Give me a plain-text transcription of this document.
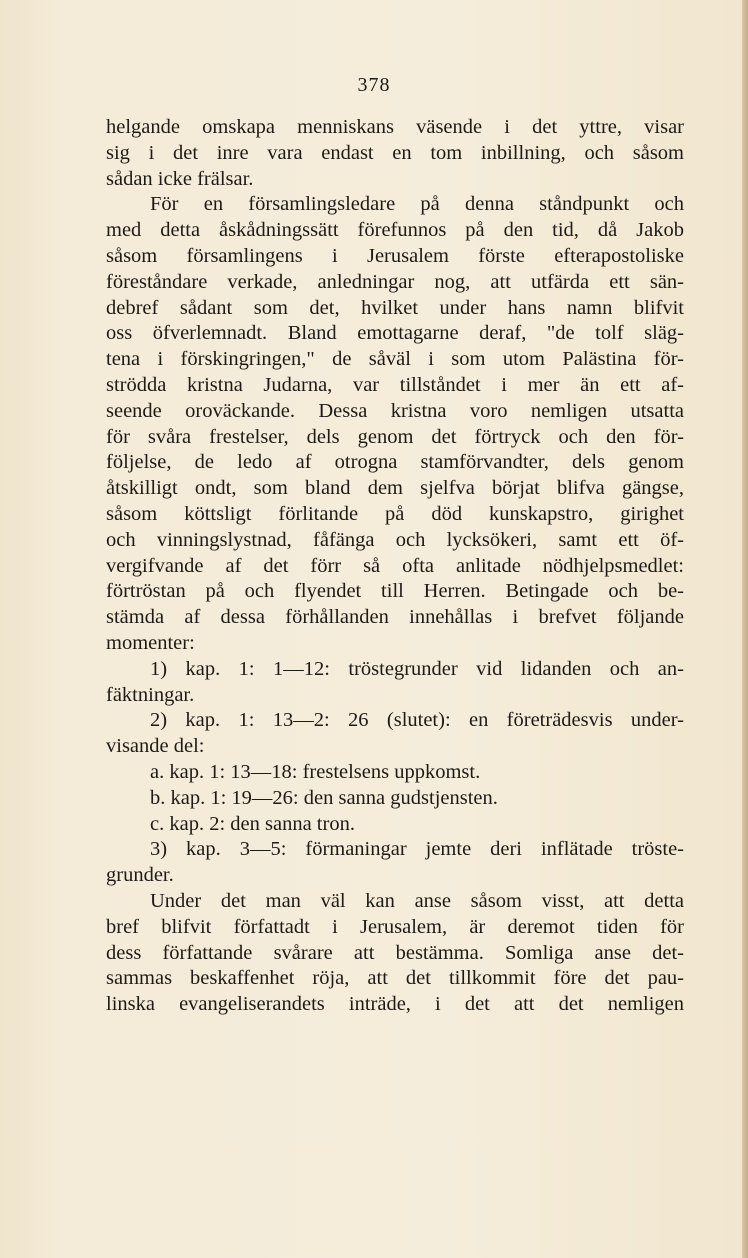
378
helgande omskapa menniskans väsende i det yttre, visar
sig i det inre vara endast en tom inbillning, och såsom
sådan icke frälsar.
För en församlingsledare på denna ståndpunkt och
med detta åskådningssätt förefunnos på den tid, då Jakob
såsom församlingens i Jerusalem förste efterapostoliske
föreståndare verkade, anledningar nog, att utfärda ett sän-
debref sådant som det, hvilket under hans namn blifvit
oss öfverlemnadt. Bland emottagarne deraf, "de tolf släg-
tena i förskingringen," de såväl i som utom Palästina för-
strödda kristna Judarna, var tillståndet i mer än ett af-
seende oroväckande. Dessa kristna voro nemligen utsatta
för svåra frestelser, dels genom det förtryck och den för-
följelse, de ledo af otrogna stamförvandter, dels genom
åtskilligt ondt, som bland dem sjelfva börjat blifva gängse,
såsom köttsligt förlitande på död kunskapstro, girighet
och vinningslystnad, fåfänga och lycksökeri, samt ett öf-
vergifvande af det förr så ofta anlitade nödhjelpsmedlet:
förtröstan på och flyendet till Herren. Betingade och be-
stämda af dessa förhållanden innehållas i brefvet följande
momenter:
1) kap. 1: 1—12: tröstegrunder vid lidanden och an-
fäktningar.
2) kap. 1: 13—2: 26 (slutet): en företrädesvis under-
visande del:
a. kap. 1: 13—18: frestelsens uppkomst.
b. kap. 1: 19—26: den sanna gudstjensten.
c. kap. 2: den sanna tron.
3) kap. 3—5: förmaningar jemte deri inflätade tröste-
grunder.
Under det man väl kan anse såsom visst, att detta
bref blifvit författadt i Jerusalem, är deremot tiden för
dess författande svårare att bestämma. Somliga anse det-
sammas beskaffenhet röja, att det tillkommit före det pau-
linska evangeliserandets inträde, i det att det nemligen
